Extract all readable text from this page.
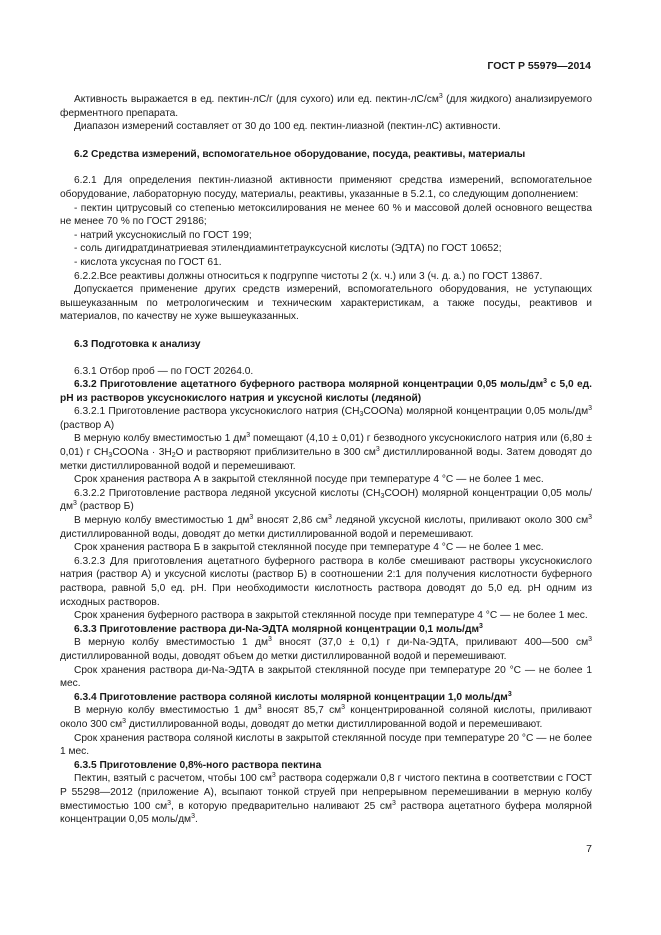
ГОСТ Р 55979—2014

Активность выражается в ед. пектин-лС/г (для сухого) или ед. пектин-$лС/см^3$ (для жидкого) анализируемого ферментного препарата.

Диапазон измерений составляет от 30 до 100 ед. пектин-лиазной (пектин-лС) активности.

6.2 Средства измерений, вспомогательное оборудование, посуда, реактивы, материалы

6.2.1 Для определения пектин-лиазной активности применяют средства измерений, вспомогательное оборудование, лабораторную посуду, материалы, реактивы, указанные в 5.2.1, со следующим дополнением:

- пектин цитрусовый со степенью метоксилирования не менее 60 % и массовой долей основного вещества не менее 70 % по ГОСТ 29186;

- натрий уксуснокислый по ГОСТ 199;

- соль дигидратдинатриевая этилендиаминтетрауксусной кислоты (ЭДТА) по ГОСТ 10652;

- кислота уксусная по ГОСТ 61.

6.2.2.Все реактивы должны относиться к подгруппе чистоты 2 (х. ч.) или 3 (ч. д. а.) по ГОСТ 13867.

Допускается применение других средств измерений, вспомогательного оборудования, не уступающих вышеуказанным по метрологическим и техническим характеристикам, а также посуды, реактивов и материалов, по качеству не хуже вышеуказанных.

6.3 Подготовка к анализу

6.3.1 Отбор проб — по ГОСТ 20264.0.

6.3.2 Приготовление ацетатного буферного раствора молярной концентрации 0,05 моль/$дм^3$ с 5,0 ед. рН из растворов уксуснокислого натрия и уксусной кислоты (ледяной)

6.3.2.1 Приготовление раствора уксуснокислого натрия $(CH_3COONa)$ молярной концентрации 0,05 моль/$дм^3$ (раствор А)

В мерную колбу вместимостью 1 $дм^3$ помещают (4,10 ± 0,01) г безводного уксуснокислого натрия или (6,80 ± 0,01) г $CH_3COONa \cdot 3H_2O$ и растворяют приблизительно в 300 $см^3$ дистиллированной воды. Затем доводят до метки дистиллированной водой и перемешивают.

Срок хранения раствора А в закрытой стеклянной посуде при температуре 4 °С — не более 1 мес.

6.3.2.2 Приготовление раствора ледяной уксусной кислоты $(CH_3COOH)$ молярной концентрации 0,05 моль/$дм^3$ (раствор Б)

В мерную колбу вместимостью 1 $дм^3$ вносят 2,86 $см^3$ ледяной уксусной кислоты, приливают около 300 $см^3$ дистиллированной воды, доводят до метки дистиллированной водой и перемешивают.

Срок хранения раствора Б в закрытой стеклянной посуде при температуре 4 °С — не более 1 мес.

6.3.2.3 Для приготовления ацетатного буферного раствора в колбе смешивают растворы уксуснокислого натрия (раствор А) и уксусной кислоты (раствор Б) в соотношении 2:1 для получения кислотности буферного раствора, равной 5,0 ед. рН. При необходимости кислотность раствора доводят до 5,0 ед. рН одним из исходных растворов.

Срок хранения буферного раствора в закрытой стеклянной посуде при температуре 4 °С — не более 1 мес.

6.3.3 Приготовление раствора ди-Na-ЭДТА молярной концентрации 0,1 моль/$дм^3$

В мерную колбу вместимостью 1 $дм^3$ вносят (37,0 ± 0,1) г ди-Na-ЭДТА, приливают 400—500 $см^3$ дистиллированной воды, доводят объем до метки дистиллированной водой и перемешивают.

Срок хранения раствора ди-Na-ЭДТА в закрытой стеклянной посуде при температуре 20 °С — не более 1 мес.

6.3.4 Приготовление раствора соляной кислоты молярной концентрации 1,0 моль/$дм^3$

В мерную колбу вместимостью 1 $дм^3$ вносят 85,7 $см^3$ концентрированной соляной кислоты, приливают около 300 $см^3$ дистиллированной воды, доводят до метки дистиллированной водой и перемешивают.

Срок хранения раствора соляной кислоты в закрытой стеклянной посуде при температуре 20 °С — не более 1 мес.

6.3.5 Приготовление 0,8%-ного раствора пектина

Пектин, взятый с расчетом, чтобы 100 $см^3$ раствора содержали 0,8 г чистого пектина в соответствии с ГОСТ Р 55298—2012 (приложение А), всыпают тонкой струей при непрерывном перемешивании в мерную колбу вместимостью 100 $см^3$, в которую предварительно наливают 25 $см^3$ раствора ацетатного буфера молярной концентрации 0,05 моль/$дм^3$.

7
